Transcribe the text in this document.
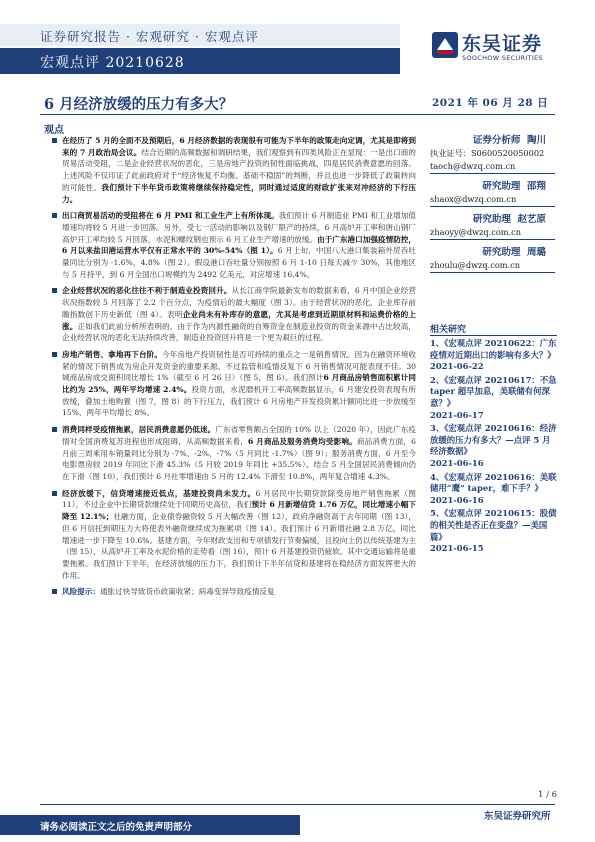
证券研究报告 · 宏观研究 · 宏观点评
宏观点评 20210628
东吴证券
SOOCHOW SECURITIES
6 月经济放缓的压力有多大？	2021 年 06 月 28 日
观点
在经历了 5 月的全面不及预期后，6 月经济数据的表现很有可能为下半年的政策走向定调，尤其是即将到来的 7 月政治局会议。结合近期的高频数据和调研结果，我们观察到有四类风险正在显现：一是出口商的贸易活动受阻，二是企业经营状况的恶化，三是房地产投资的韧性面临挑战，四是居民消费意愿的回落。上述风险不仅印证了此前政府对于“经济恢复不均衡、基础不稳固”的判断，并且也进一步降低了政策转向的可能性。我们预计下半年货币政策将继续保持稳定性，同时通过适度的财政扩张来对冲经济的下行压力。
出口商贸易活动的受阻将在 6 月 PMI 和工业生产上有所体现。我们预计 6 月制造业 PMI 和工业增加值增速均将较 5 月进一步回落。另外，受七一活动的影响以及钢厂限产的持续，6 月高炉开工率和唐山钢厂高炉开工率均较 5 月回落，水泥和螺纹钢也预示 6 月工业生产增速的放缓。由于广东港口加强疫情防控，6 月以来盐田港运营水平仅有正常水平的 30%-54%（图 1）。6 月上旬，中国八大港口集装箱外贸吞吐量同比分别为 -1.6%、4.8%（图 2）。假设港口吞吐量分别按照 6 月 1-10 日每天减少 30%，其他地区与 5 月持平，到 6 月全国出口规模约为 2492 亿美元，对应增速 16.4%。
企业经营状况的恶化往往不利于制造业投资回升。从长江商学院最新发布的数据来看，6 月中国企业经营状况指数较 5 月回落了 2.2 个百分点，为疫情后的最大幅度（图 3）。由于经营状况的恶化，企业库存前瞻指数创下历史新低（图 4）。表明企业尚未有补库存的意愿，尤其是考虑到近期原材料和运费价格的上涨。正如我们此前分析所表明的，由于作为内源性融资的自筹资金在制造业投资的资金来源中占比较高，企业经营状况的恶化无法持续改善，制造业投资回升将是一个更为艰巨的过程。
房地产销售、拿地再下台阶。今年房地产投资韧性是否可持续的重点之一是销售情况。因为在融资环境收紧的情况下销售成为房企开发资金的重要来源。不过监管和疫情反复下 6 月销售情况可能表现不佳。30 城商品房成交面积同比增长 1%（截至 6 月 26 日）（图 5，图 6）。我们预计6 月商品房销售面积累计同比约为 25%，两年平均增速 2.4%。投资方面，水泥磨机开工率高频数据显示，6 月建安投资表现有所放缓，叠加土地购置（图 7，图 8）的下行压力，我们预计 6 月房地产开发投资累计额同比进一步放缓至 15%，两年平均增长 8%。
消费同样受疫情拖累，居民消费意愿仍低迷。广东省零售额占全国的 10% 以上（2020 年），因此广东疫情对全国消费复苏进程也形成阻碍，从高频数据来看，6 月商品及服务消费均受影响。商品消费方面，6 月前三周乘用车销量同比分别为 -7%、-2%、-7%（5 月同比 -1.7%）（图 9）；服务消费方面，6 月至今电影票房较 2019 年同比下滑 45.3%（5 月较 2019 年同比 +35.5%）。结合 5 月全国居民消费倾向仍在下滑（图 10），我们预计 6 月社零增速由 5 月的 12.4% 下滑至 10.8%，两年复合增速 4.3%。
经济放缓下，信贷增速接近低点，基建投资尚未发力。6 月居民中长期贷款除受房地产销售拖累（图 11），不过企业中长期贷款继续处于同期历史高位，我们预计 6 月新增信贷 1.76 万亿，同比增速小幅下降至 12.1%；社融方面，企业债券融资较 5 月大幅改善（图 12），政府净融资高于去年同期（图 13），但 6 月信托到期压力大将使表外融资继续成为拖累项（图 14）。我们预计 6 月新增社融 2.8 万亿，同比增速进一步下降至 10.6%。基建方面，今年财政支出和专项债发行节奏偏缓，且投向上仍以传统基建为主（图 15），从高炉开工率及水泥价格的走势看（图 16），预计 6 月基建投资仍疲软。其中交通运输将是重要拖累。我们预计下半年，在经济放缓的压力下，我们预计下半年信贷和基建将在稳经济方面发挥更大的作用。
风险提示：通胀过快导致货币政策收紧；病毒变异导致疫情反复
证券分析师 陶川
执业证号：S0600520050002
taoch@dwzq.com.cn
研究助理 邵翔
shaox@dwzq.com.cn
研究助理 赵艺原
zhaoyy@dwzq.com.cn
研究助理 周璐
zhoulu@dwzq.com.cn
相关研究
1、《宏观点评 20210622：广东疫情对近期出口的影响有多大？》
2021-06-22
2、《宏观点评 20210617：不急 taper 超早加息，美联储有何深意？》
2021-06-17
3、《宏观点评 20210616：经济放缓的压力有多大？—点评 5 月经济数据》
2021-06-16
4、《宏观点评 20210616：美联储用“鹰” taper，难下手？》
2021-06-16
5、《宏观点评 20210615：股债的相关性是否正在变盘？—美国篇》
2021-06-15
1 / 6
东吴证券研究所
请务必阅读正文之后的免责声明部分
